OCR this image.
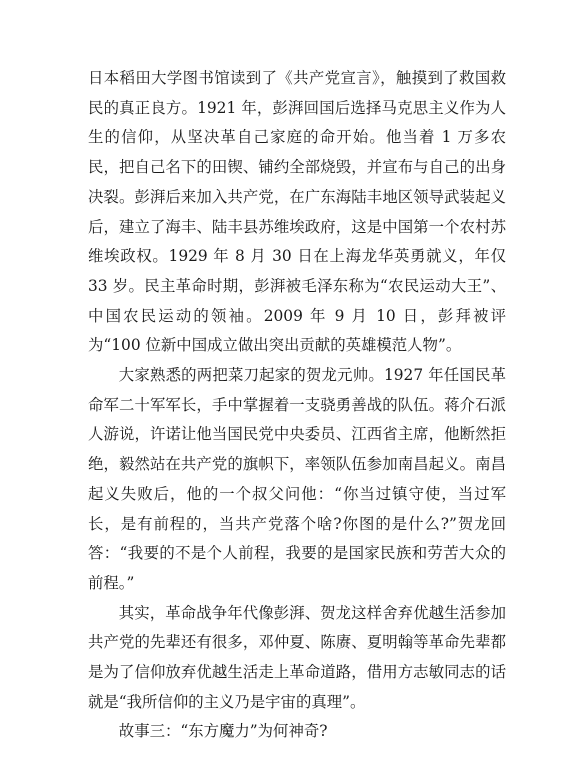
日本稻田大学图书馆读到了《共产党宣言》，触摸到了救国救民的真正良方。1921 年，彭湃回国后选择马克思主义作为人生的信仰，从坚决革自己家庭的命开始。他当着 1 万多农民，把自己名下的田锲、铺约全部烧毁，并宣布与自己的出身决裂。彭湃后来加入共产党，在广东海陆丰地区领导武装起义后，建立了海丰、陆丰县苏维埃政府，这是中国第一个农村苏维埃政权。1929 年 8 月 30 日在上海龙华英勇就义，年仅 33 岁。民主革命时期，彭湃被毛泽东称为“农民运动大王”、中国农民运动的领袖。2009 年 9 月 10 日，彭拜被评为“100 位新中国成立做出突出贡献的英雄模范人物”。

大家熟悉的两把菜刀起家的贺龙元帅。1927 年任国民革命军二十军军长，手中掌握着一支骁勇善战的队伍。蒋介石派人游说，许诺让他当国民党中央委员、江西省主席，他断然拒绝，毅然站在共产党的旗帜下，率领队伍参加南昌起义。南昌起义失败后，他的一个叔父问他：“你当过镇守使，当过军长，是有前程的，当共产党落个啥?你图的是什么?”贺龙回答：“我要的不是个人前程，我要的是国家民族和劳苦大众的前程。”

其实，革命战争年代像彭湃、贺龙这样舍弃优越生活参加共产党的先辈还有很多，邓仲夏、陈赓、夏明翰等革命先辈都是为了信仰放弃优越生活走上革命道路，借用方志敏同志的话就是“我所信仰的主义乃是宇宙的真理”。

故事三：“东方魔力”为何神奇?
